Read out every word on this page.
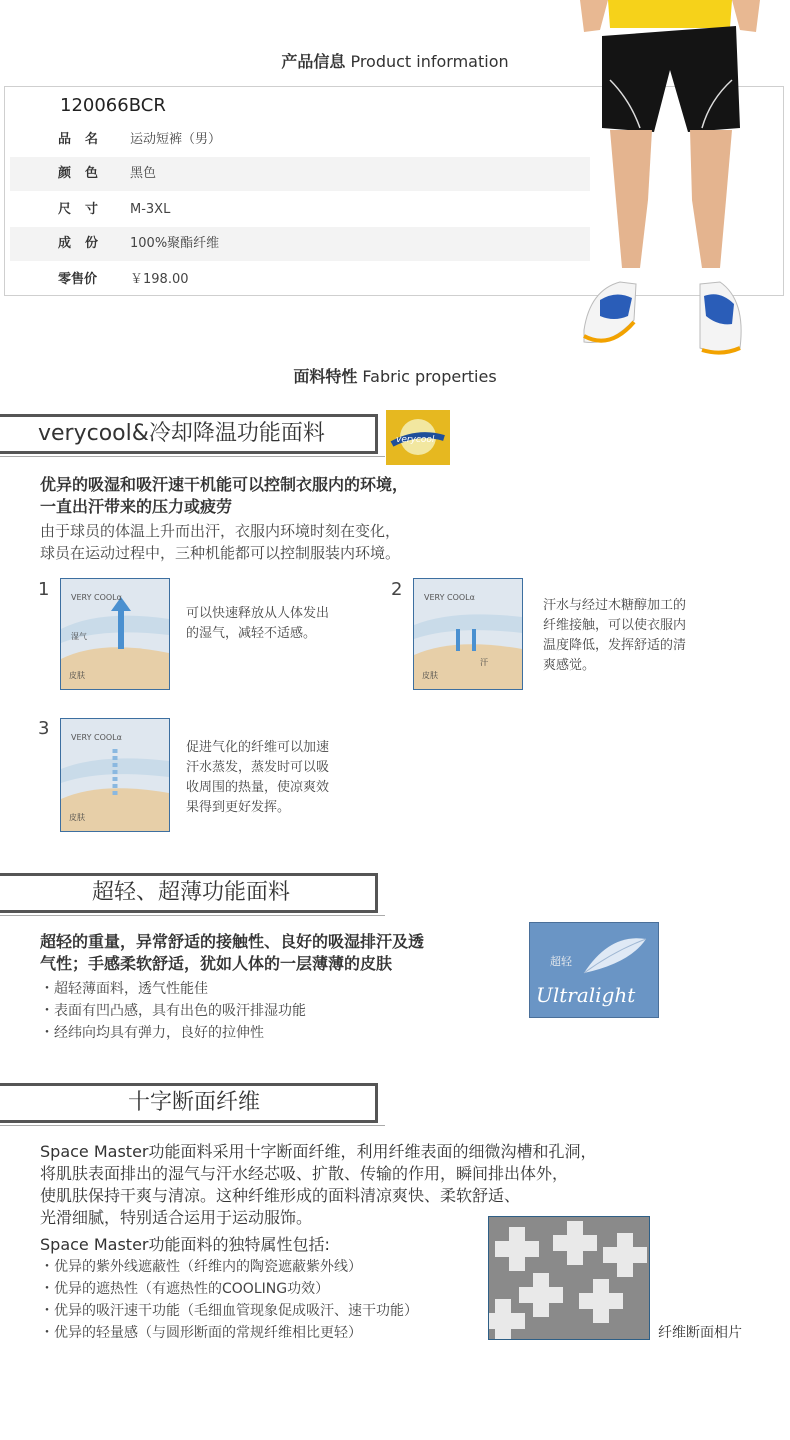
产品信息 Product information
120066BCR
品名 运动短裤（男）
颜色 黑色
尺寸 M-3XL
成份 100%聚酯纤维
零售价	￥198.00
面料特性 Fabric properties
verycool&冷却降温功能面料	verycool
优异的吸湿和吸汗速干机能可以控制衣服内的环境，
一直出汗带来的压力或疲劳
由于球员的体温上升而出汗，衣服内环境时刻在变化，
球员在运动过程中，三种机能都可以控制服装内环境。
1	VERY COOLα
湿气
皮肤
可以快速释放从人体发出
的湿气，减轻不适感。
2	VERY COOLα
汗
皮肤
汗水与经过木糖醇加工的
纤维接触，可以使衣服内
温度降低，发挥舒适的清
爽感觉。
3	VERY COOLα
皮肤
促进气化的纤维可以加速
汗水蒸发，蒸发时可以吸
收周围的热量，使凉爽效
果得到更好发挥。
超轻、超薄功能面料
超轻的重量，异常舒适的接触性、良好的吸湿排汗及透
气性；手感柔软舒适，犹如人体的一层薄薄的皮肤
・超轻薄面料，透气性能佳
・表面有凹凸感，具有出色的吸汗排湿功能
・经纬向均具有弹力，良好的拉伸性
超轻
Ultralight
十字断面纤维
Space Master功能面料采用十字断面纤维，利用纤维表面的细微沟槽和孔洞，
将肌肤表面排出的湿气与汗水经芯吸、扩散、传输的作用，瞬间排出体外，
使肌肤保持干爽与清凉。这种纤维形成的面料清凉爽快、柔软舒适、
光滑细腻，特别适合运用于运动服饰。
Space Master功能面料的独特属性包括:
・优异的紫外线遮蔽性（纤维内的陶瓷遮蔽紫外线）
・优异的遮热性（有遮热性的COOLING功效）
・优异的吸汗速干功能（毛细血管现象促成吸汗、速干功能）
・优异的轻量感（与圆形断面的常规纤维相比更轻）	纤维断面相片
